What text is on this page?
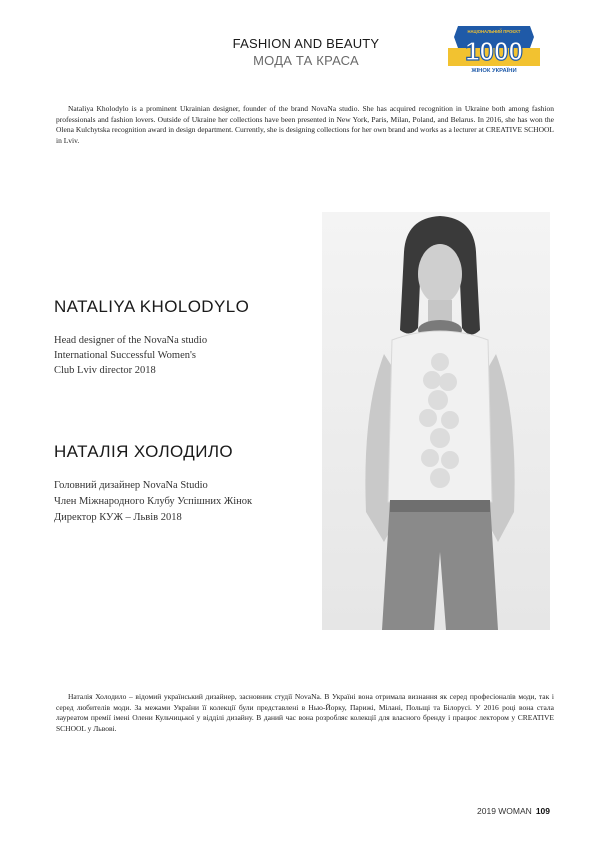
FASHION AND BEAUTY
МОДА ТА КРАСА
НАЦІОНАЛЬНИЙ ПРОЄКТ
1000
ЖІНОК УКРАЇНИ
Nataliya Kholodylo is a prominent Ukrainian designer, founder of the brand NovaNa studio. She has acquired recognition in Ukraine both among fashion professionals and fashion lovers. Outside of Ukraine her collections have been presented in New York, Paris, Milan, Poland, and Belarus. In 2016, she has won the Olena Kulchytska recognition award in design department. Currently, she is designing collections for her own brand and works as a lecturer at CREATIVE SCHOOL in Lviv.
NATALIYA KHOLODYLO
Head designer of the NovaNa studio
International Successful Women's
Club Lviv director 2018
НАТАЛІЯ ХОЛОДИЛО
Головний дизайнер NovaNa Studio
Член Міжнародного Клубу Успішних Жінок
Директор КУЖ – Львів 2018
Наталія Холодило – відомий український дизайнер, засновник студії NovaNa. В Україні вона отримала визнання як серед професіоналів моди, так і серед любителів моди. За межами України її колекції були представлені в Нью-Йорку, Парижі, Мілані, Польщі та Білорусі. У 2016 році вона стала лауреатом премії імені Олени Кульчицької у відділі дизайну. В даний час вона розробляє колекції для власного бренду і працює лектором у CREATIVE SCHOOL у Львові.
2019 WOMAN 109
